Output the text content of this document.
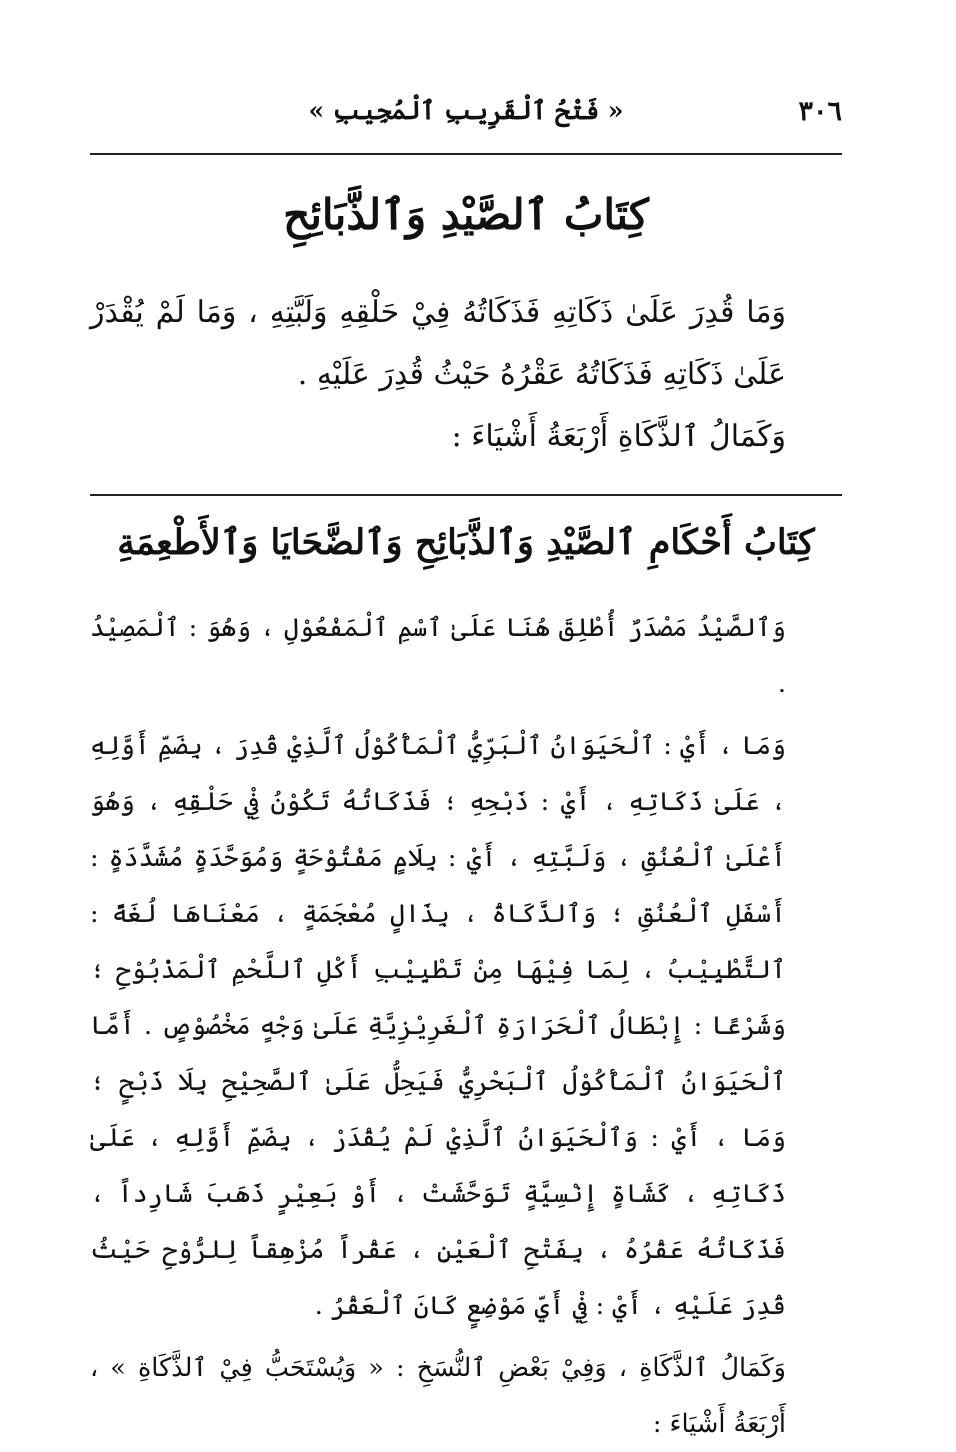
٣٠٦
« فَتْحُ ٱلْقَرِيبِ ٱلْمُجِيبِ »
كِتَابُ ٱلصَّيْدِ وَٱلذَّبَائِحِ

وَمَا قُدِرَ عَلَىٰ ذَكَاتِهِ فَذَكَاتُهُ فِيْ حَلْقِهِ وَلَبَّتِهِ ، وَمَا لَمْ يُقْدَرْ عَلَىٰ ذَكَاتِهِ فَذَكَاتُهُ عَقْرُهُ حَيْثُ قُدِرَ عَلَيْهِ .

وَكَمَالُ ٱلذَّكَاةِ أَرْبَعَةُ أَشْيَاءَ :

كِتَابُ أَحْكَامِ ٱلصَّيْدِ وَٱلذَّبَائِحِ وَٱلضَّحَايَا وَٱلأَطْعِمَةِ

وَٱلصَّيْدُ مَصْدَرٌ أُطْلِقَ هُنَا عَلَىٰ ٱسْمِ ٱلْمَفْعُوْلِ ، وَهُوَ : ٱلْمَصِيْدُ .

وَمَا ، أَيْ : ٱلْحَيَوَانُ ٱلْبَرِّيُّ ٱلْمَأْكُوْلُ ٱلَّذِيْ قُدِرَ ، بِضَمِّ أَوَّلِهِ ، عَلَىٰ ذَكَاتِهِ ، أَيْ : ذَبْحِهِ ؛ فَذَكَاتُهُ تَكُوْنُ فِيْ حَلْقِهِ ، وَهُوَ أَعْلَىٰ ٱلْعُنُقِ ، وَلَبَّتِهِ ، أَيْ : بِلَامٍ مَفْتُوْحَةٍ وَمُوَحَّدَةٍ مُشَدَّدَةٍ : أَسْفَلِ ٱلْعُنُقِ ؛ وَٱلذَّكَاةُ ، بِذَالٍ مُعْجَمَةٍ ، مَعْنَاهَا لُغَةً : ٱلتَّطْيِيْبُ ، لِمَا فِيْهَا مِنْ تَطْيِيْبِ أَكْلِ ٱللَّحْمِ ٱلْمَذْبُوْحِ ؛ وَشَرْعًا : إِبْطَالُ ٱلْحَرَارَةِ ٱلْغَرِيْزِيَّةِ عَلَىٰ وَجْهٍ مَخْصُوْصٍ . أَمَّا ٱلْحَيَوَانُ ٱلْمَأْكُوْلُ ٱلْبَحْرِيُّ فَيَحِلُّ عَلَىٰ ٱلصَّحِيْحِ بِلَا ذَبْحٍ ؛ وَمَا ، أَيْ : وَٱلْحَيَوَانُ ٱلَّذِيْ لَمْ يُقْدَرْ ، بِضَمِّ أَوَّلِهِ ، عَلَىٰ ذَكَاتِهِ ، كَشَاةٍ إِنْسِيَّةٍ تَوَحَّشَتْ ، أَوْ بَعِيْرٍ ذَهَبَ شَارِداً ، فَذَكَاتُهُ عَقْرُهُ ، بِفَتْحِ ٱلْعَيْنِ ، عَقْراً مُزْهِقاً لِلرُّوْحِ حَيْثُ قُدِرَ عَلَيْهِ ، أَيْ : فِيْ أَيِّ مَوْضِعٍ كَانَ ٱلْعَقْرُ .

وَكَمَالُ ٱلذَّكَاةِ ، وَفِيْ بَعْضِ ٱلنُّسَخِ : « وَيُسْتَحَبُّ فِيْ ٱلذَّكَاةِ » ، أَرْبَعَةُ أَشْيَاءَ :
